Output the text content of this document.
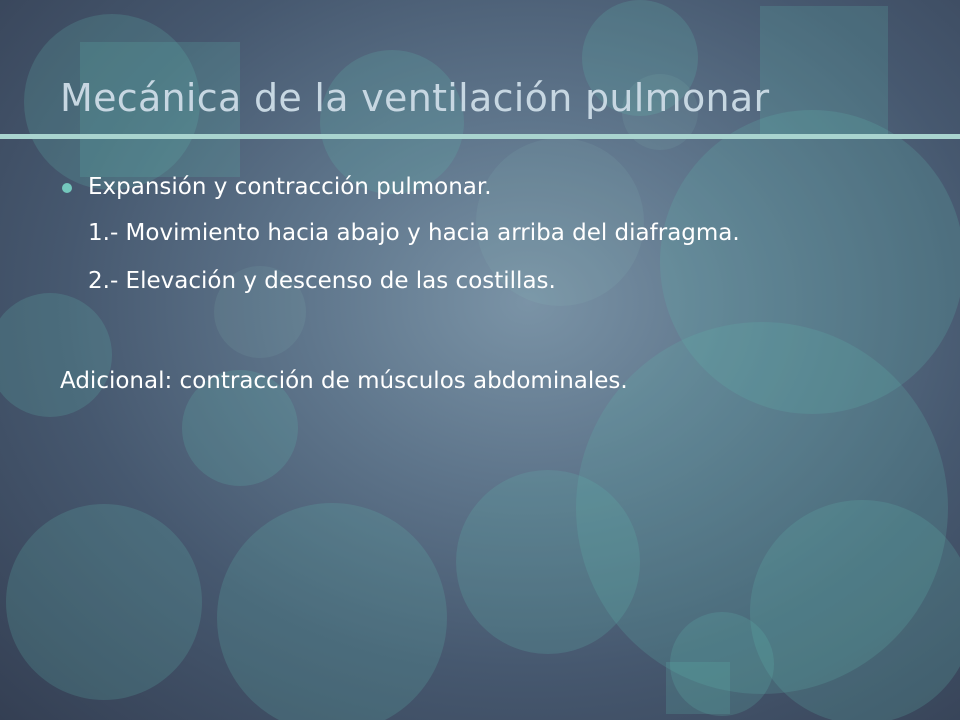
Mecánica de la ventilación pulmonar
Expansión y contracción pulmonar.
1.- Movimiento hacia abajo y hacia arriba del diafragma.
2.- Elevación y descenso de las costillas.
Adicional: contracción de músculos abdominales.
